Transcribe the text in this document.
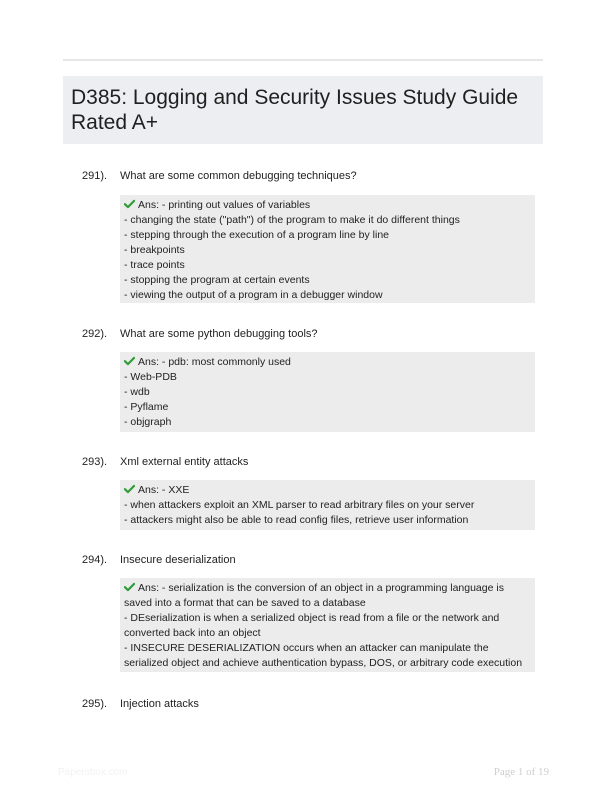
D385: Logging and Security Issues Study Guide Rated A+
291). What are some common debugging techniques?
Ans: - printing out values of variables
- changing the state ("path") of the program to make it do different things
- stepping through the execution of a program line by line
- breakpoints
- trace points
- stopping the program at certain events
- viewing the output of a program in a debugger window
292). What are some python debugging tools?
Ans: - pdb: most commonly used
- Web-PDB
- wdb
- Pyflame
- objgraph
293). Xml external entity attacks
Ans: - XXE
- when attackers exploit an XML parser to read arbitrary files on your server
- attackers might also be able to read config files, retrieve user information
294). Insecure deserialization
Ans: - serialization is the conversion of an object in a programming language is saved into a format that can be saved to a database
- DEserialization is when a serialized object is read from a file or the network and converted back into an object
- INSECURE DESERIALIZATION occurs when an attacker can manipulate the serialized object and achieve authentication bypass, DOS, or arbitrary code execution
295). Injection attacks
Papersbox.com	Page 1 of 19
